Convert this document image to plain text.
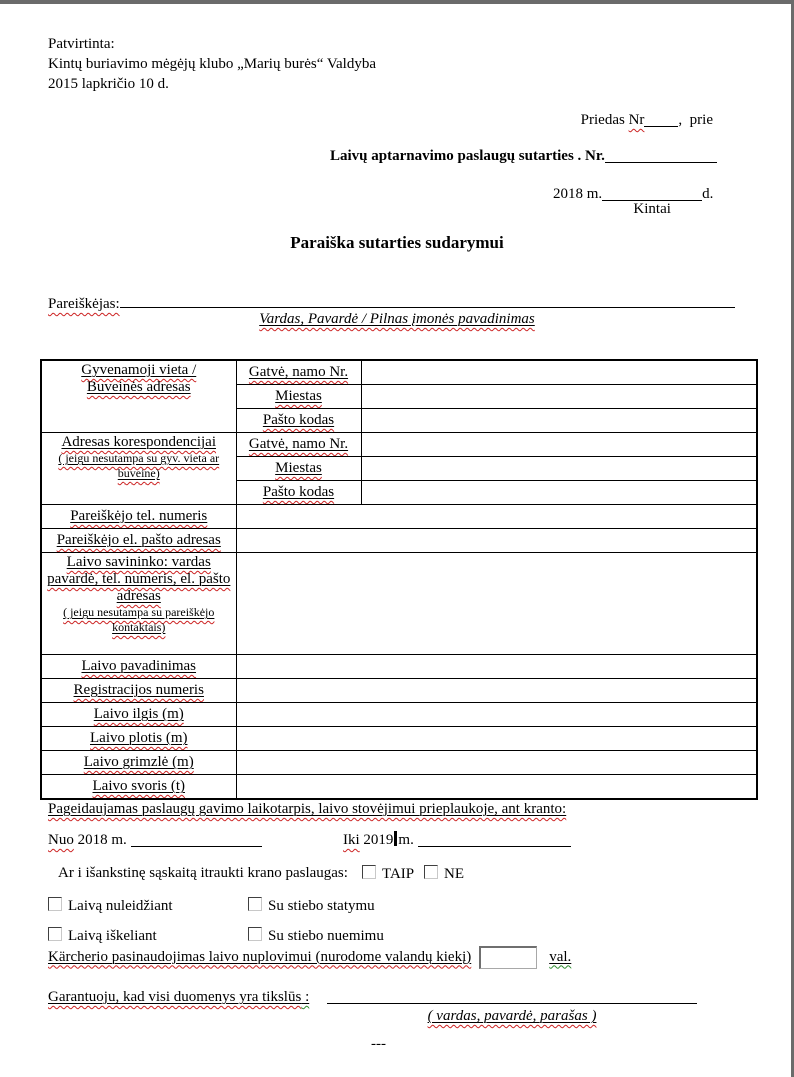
Patvirtinta:
Kintų buriavimo mėgėjų klubo „Marių burės“ Valdyba
2015 lapkričio 10 d.
Priedas Nr ,  prie
Laivų aptarnavimo paslaugų sutarties . Nr.
2018 m.
Kintai
d.
Paraiška sutarties sudarymui
Pareiškėjas:
Vardas, Pavardė / Pilnas įmonės pavadinimas
Gyvenamoji vieta /
Buveinės adresas	Gatvė, namo Nr.	
	Miestas	
	Pašto kodas	

Adresas korespondencijai
( jeigu nesutampa su gyv. vieta ar buveine)	Gatvė, namo Nr.	
	Miestas	
	Pašto kodas	
Pareiškėjo tel. numeris		
Pareiškėjo el. pašto adresas		

Laivo savininko: vardas pavardė, tel. numeris, el. pašto adresas
( jeigu nesutampa su pareiškėjo kontaktais)		

Laivo pavadinimas		
Registracijos numeris		
Laivo ilgis (m)		
Laivo plotis (m)		
Laivo grimzlė (m)		
Laivo svoris (t)		
Pageidaujamas paslaugų gavimo laikotarpis, laivo stovėjimui prieplaukoje, ant kranto:
Nuo 2018 m.	Iki 2019 m.
Ar i išankstinę sąskaitą itraukti krano paslaugas:	TAIP	NE
Laivą nuleidžiant	Su stiebo statymu
Laivą iškeliant	Su stiebo nuemimu
Kärcherio pasinaudojimas laivo nuplovimui (nurodome valandų kiekį)	val.
Garantuoju, kad visi duomenys yra tikslūs :
( vardas, pavardė, parašas )
---
